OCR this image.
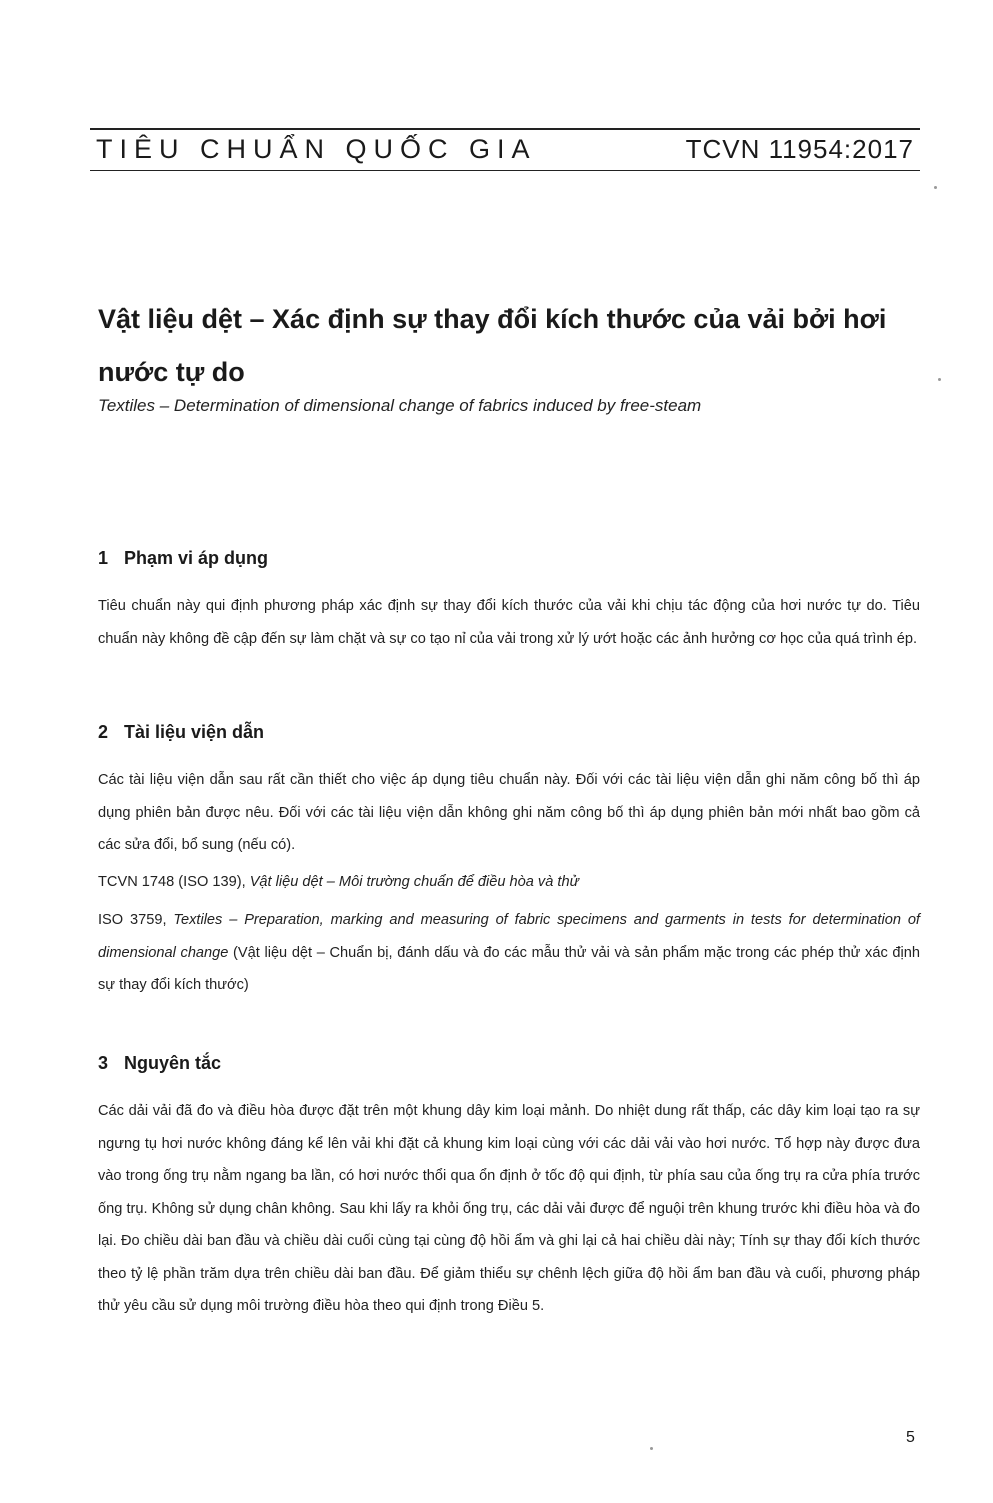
TIÊU CHUẨN QUỐC GIA	TCVN 11954:2017
Vật liệu dệt – Xác định sự thay đổi kích thước của vải bởi hơi nước tự do
Textiles – Determination of dimensional change of fabrics induced by free-steam
1 Phạm vi áp dụng

Tiêu chuẩn này qui định phương pháp xác định sự thay đổi kích thước của vải khi chịu tác động của hơi nước tự do. Tiêu chuẩn này không đề cập đến sự làm chặt và sự co tạo nỉ của vải trong xử lý ướt hoặc các ảnh hưởng cơ học của quá trình ép.

2 Tài liệu viện dẫn

Các tài liệu viện dẫn sau rất cần thiết cho việc áp dụng tiêu chuẩn này. Đối với các tài liệu viện dẫn ghi năm công bố thì áp dụng phiên bản được nêu. Đối với các tài liệu viện dẫn không ghi năm công bố thì áp dụng phiên bản mới nhất bao gồm cả các sửa đổi, bổ sung (nếu có).

TCVN 1748 (ISO 139), Vật liệu dệt – Môi trường chuẩn để điều hòa và thử

ISO 3759, Textiles – Preparation, marking and measuring of fabric specimens and garments in tests for determination of dimensional change (Vật liệu dệt – Chuẩn bị, đánh dấu và đo các mẫu thử vải và sản phẩm mặc trong các phép thử xác định sự thay đổi kích thước)

3 Nguyên tắc

Các dải vải đã đo và điều hòa được đặt trên một khung dây kim loại mảnh. Do nhiệt dung rất thấp, các dây kim loại tạo ra sự ngưng tụ hơi nước không đáng kể lên vải khi đặt cả khung kim loại cùng với các dải vải vào hơi nước. Tổ hợp này được đưa vào trong ống trụ nằm ngang ba lần, có hơi nước thổi qua ổn định ở tốc độ qui định, từ phía sau của ống trụ ra cửa phía trước ống trụ. Không sử dụng chân không. Sau khi lấy ra khỏi ống trụ, các dải vải được để nguội trên khung trước khi điều hòa và đo lại. Đo chiều dài ban đầu và chiều dài cuối cùng tại cùng độ hồi ẩm và ghi lại cả hai chiều dài này; Tính sự thay đổi kích thước theo tỷ lệ phần trăm dựa trên chiều dài ban đầu. Để giảm thiểu sự chênh lệch giữa độ hồi ẩm ban đầu và cuối, phương pháp thử yêu cầu sử dụng môi trường điều hòa theo qui định trong Điều 5.

5
